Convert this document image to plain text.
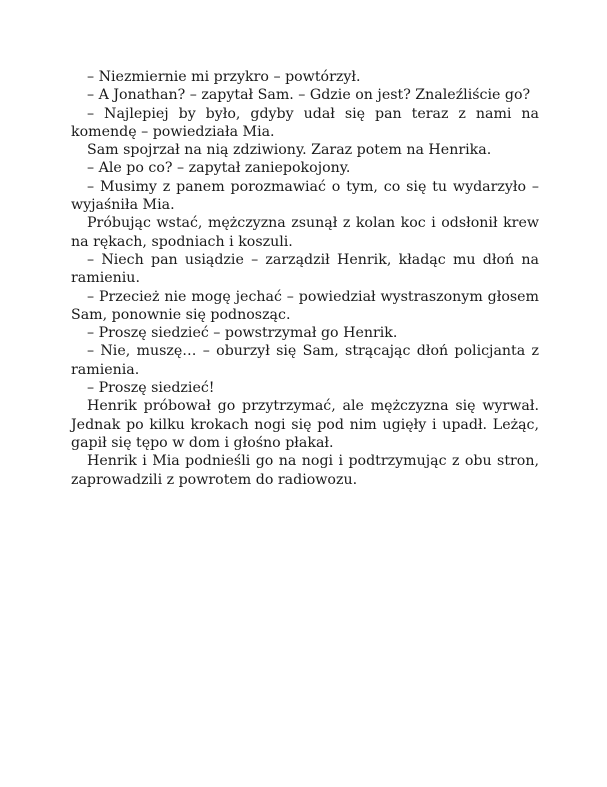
– Niezmiernie mi przykro – powtórzył.

– A Jonathan? – zapytał Sam. – Gdzie on jest? Znaleźliście go?

– Najlepiej by było, gdyby udał się pan teraz z nami na komendę – powiedziała Mia.

Sam spojrzał na nią zdziwiony. Zaraz potem na Henrika.

– Ale po co? – zapytał zaniepokojony.

– Musimy z panem porozmawiać o tym, co się tu wydarzyło – wyjaśniła Mia.

Próbując wstać, mężczyzna zsunął z kolan koc i odsłonił krew na rękach, spodniach i koszuli.

– Niech pan usiądzie – zarządził Henrik, kładąc mu dłoń na ramieniu.

– Przecież nie mogę jechać – powiedział wystraszonym głosem Sam, ponownie się podnosząc.

– Proszę siedzieć – powstrzymał go Henrik.

– Nie, muszę… – oburzył się Sam, strącając dłoń policjanta z ramienia.

– Proszę siedzieć!

Henrik próbował go przytrzymać, ale mężczyzna się wyrwał. Jednak po kilku krokach nogi się pod nim ugięły i upadł. Leżąc, gapił się tępo w dom i głośno płakał.

Henrik i Mia podnieśli go na nogi i podtrzymując z obu stron, zaprowadzili z powrotem do radiowozu.
